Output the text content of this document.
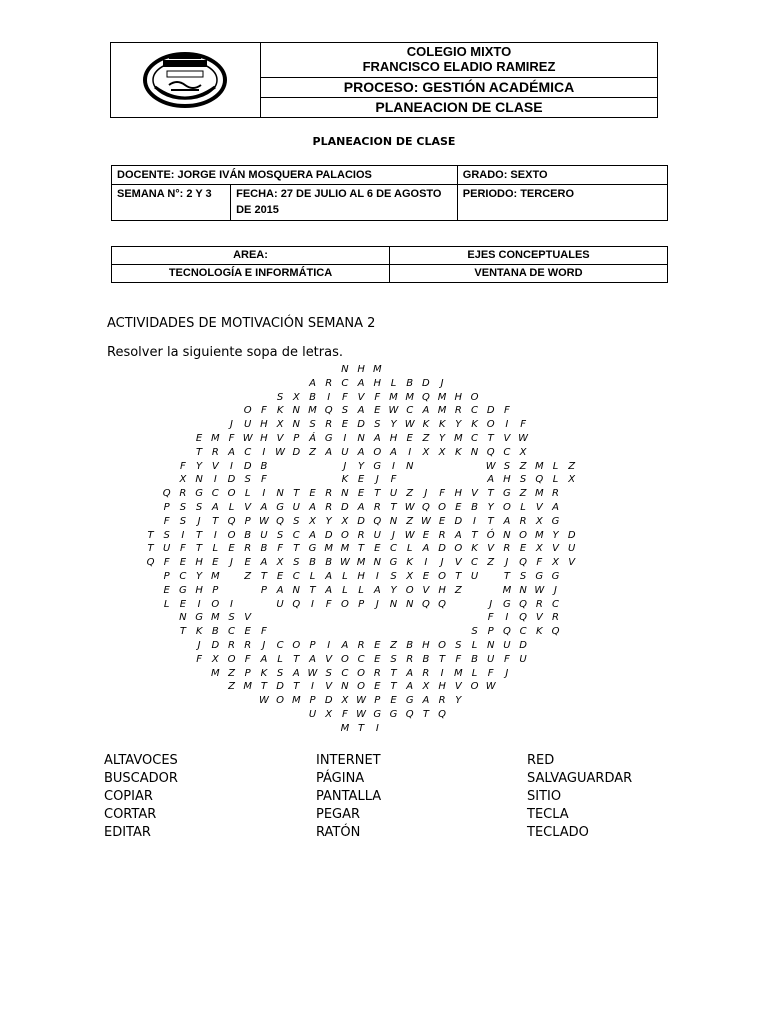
COLEGIO MIXTO
FRANCISCO ELADIO RAMIREZ
PROCESO: GESTIÓN ACADÉMICA
PLANEACION DE CLASE
PLANEACION DE CLASE
DOCENTE: JORGE IVÁN MOSQUERA PALACIOS		GRADO: SEXTO
SEMANA N°: 2 Y 3	FECHA: 27 DE JULIO AL 6 DE AGOSTO DE 2015	PERIODO: TERCERO
AREA:	EJES CONCEPTUALES
TECNOLOGÍA E INFORMÁTICA	VENTANA DE WORD
ACTIVIDADES DE MOTIVACIÓN SEMANA 2
Resolver la siguiente sopa de letras.
N H M
A R C A H L B D	J
S X B	I	F V F M M Q M H O
O F	K N M Q S A E W C A M R C D F
J	U H X N S R E D S Y W K K Y K O	I	F
E M F W H V P Á G	I	N A H E Z Y M C T V W
T R A C	I W D Z A U A O A	I	X X K N Q C X
F	Y V	I	D B	J	Y G	I	N	W S Z M L Z
X N	I	D S	F	K E	J	F	A H S Q L X
Q R G C O L	I	N T E R N E T U Z	J	F H V T G Z M R
P	S S A L V A G U A R D A R T W Q O E B Y O L	V A
F	S	J	T Q P W Q S X Y X D Q N Z W E D	I	T A R X G
T S	I	T	I	O B U S C A D O R U	J W E R A T Ó N O M Y D
T U F	T	L	E R B F	T G M M T E C L	A D O K V R E X V U
Q F	E H E	J	E A X S B B W M N G K	I	J	V C Z	J	Q F X V
P C Y M	Z T E C L A L H	I	S X E O T U	T S G G
E G H P	P A N T A L	L	A Y O V H Z	M N W J
L	E	I	O	I	U Q	I	F O P	J	N N Q Q	J	G Q R C
N G M S V	F	I	Q V R
T K B C E	F	S	P Q C K Q
J	D R R	J	C O P	I	A R E Z B H O S	L N U D
F X O F A L	T A V O C E S R B T	F B U F U
M Z P K S A W S C O R T A R	I	M L	F	J
Z M T D T	I	V N O E T A X H V O W
W O M P D X W P	E G A R Y
U X F W G G Q T Q
M T	I
ALTAVOCES
BUSCADOR
COPIAR
CORTAR
EDITAR
INTERNET
PÁGINA
PANTALLA
PEGAR
RATÓN
RED
SALVAGUARDAR
SITIO
TECLA
TECLADO
